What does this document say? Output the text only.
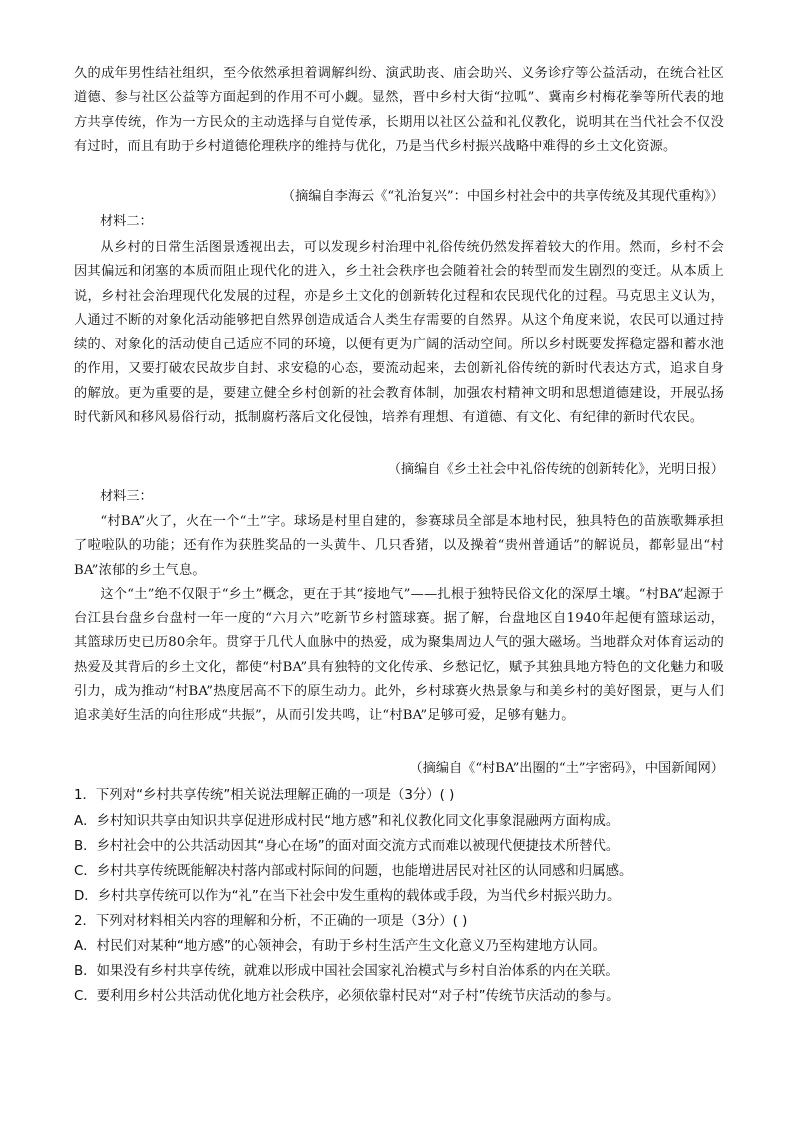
久的成年男性结社组织，至今依然承担着调解纠纷、演武助丧、庙会助兴、义务诊疗等公益活动，在统合社区道德、参与社区公益等方面起到的作用不可小觑。显然，晋中乡村大街“拉呱”、冀南乡村梅花拳等所代表的地方共享传统，作为一方民众的主动选择与自觉传承，长期用以社区公益和礼仪教化，说明其在当代社会不仅没有过时，而且有助于乡村道德伦理秩序的维持与优化，乃是当代乡村振兴战略中难得的乡土文化资源。

（摘编自李海云《“礼治复兴”：中国乡村社会中的共享传统及其现代重构》）

材料二：

从乡村的日常生活图景透视出去，可以发现乡村治理中礼俗传统仍然发挥着较大的作用。然而，乡村不会因其偏远和闭塞的本质而阻止现代化的进入，乡土社会秩序也会随着社会的转型而发生剧烈的变迁。从本质上说，乡村社会治理现代化发展的过程，亦是乡土文化的创新转化过程和农民现代化的过程。马克思主义认为，人通过不断的对象化活动能够把自然界创造成适合人类生存需要的自然界。从这个角度来说，农民可以通过持续的、对象化的活动使自己适应不同的环境，以便有更为广阔的活动空间。所以乡村既要发挥稳定器和蓄水池的作用，又要打破农民故步自封、求安稳的心态，要流动起来，去创新礼俗传统的新时代表达方式，追求自身的解放。更为重要的是，要建立健全乡村创新的社会教育体制，加强农村精神文明和思想道德建设，开展弘扬时代新风和移风易俗行动，抵制腐朽落后文化侵蚀，培养有理想、有道德、有文化、有纪律的新时代农民。

（摘编自《乡土社会中礼俗传统的创新转化》，光明日报）

材料三：

“村BA”火了，火在一个“土”字。球场是村里自建的，参赛球员全部是本地村民，独具特色的苗族歌舞承担了啦啦队的功能；还有作为获胜奖品的一头黄牛、几只香猪，以及操着“贵州普通话”的解说员，都彰显出“村BA”浓郁的乡土气息。

这个“土”绝不仅限于“乡土”概念，更在于其“接地气”——扎根于独特民俗文化的深厚土壤。“村BA”起源于台江县台盘乡台盘村一年一度的“六月六”吃新节乡村篮球赛。据了解，台盘地区自1940年起便有篮球运动，其篮球历史已历80余年。贯穿于几代人血脉中的热爱，成为聚集周边人气的强大磁场。当地群众对体育运动的热爱及其背后的乡土文化，都使“村BA”具有独特的文化传承、乡愁记忆，赋予其独具地方特色的文化魅力和吸引力，成为推动“村BA”热度居高不下的原生动力。此外，乡村球赛火热景象与和美乡村的美好图景，更与人们追求美好生活的向往形成“共振”，从而引发共鸣，让“村BA”足够可爱，足够有魅力。

（摘编自《“村BA”出圈的“土”字密码》，中国新闻网）

1．下列对“乡村共享传统”相关说法理解正确的一项是（3分）( )

A．乡村知识共享由知识共享促进形成村民“地方感”和礼仪教化同文化事象混融两方面构成。

B．乡村社会中的公共活动因其“身心在场”的面对面交流方式而难以被现代便捷技术所替代。

C．乡村共享传统既能解决村落内部或村际间的问题，也能增进居民对社区的认同感和归属感。

D．乡村共享传统可以作为“礼”在当下社会中发生重构的载体或手段，为当代乡村振兴助力。

2．下列对材料相关内容的理解和分析，不正确的一项是（3分）( )

A．村民们对某种“地方感”的心领神会，有助于乡村生活产生文化意义乃至构建地方认同。

B．如果没有乡村共享传统，就难以形成中国社会国家礼治模式与乡村自治体系的内在关联。

C．要利用乡村公共活动优化地方社会秩序，必须依靠村民对“对子村”传统节庆活动的参与。
